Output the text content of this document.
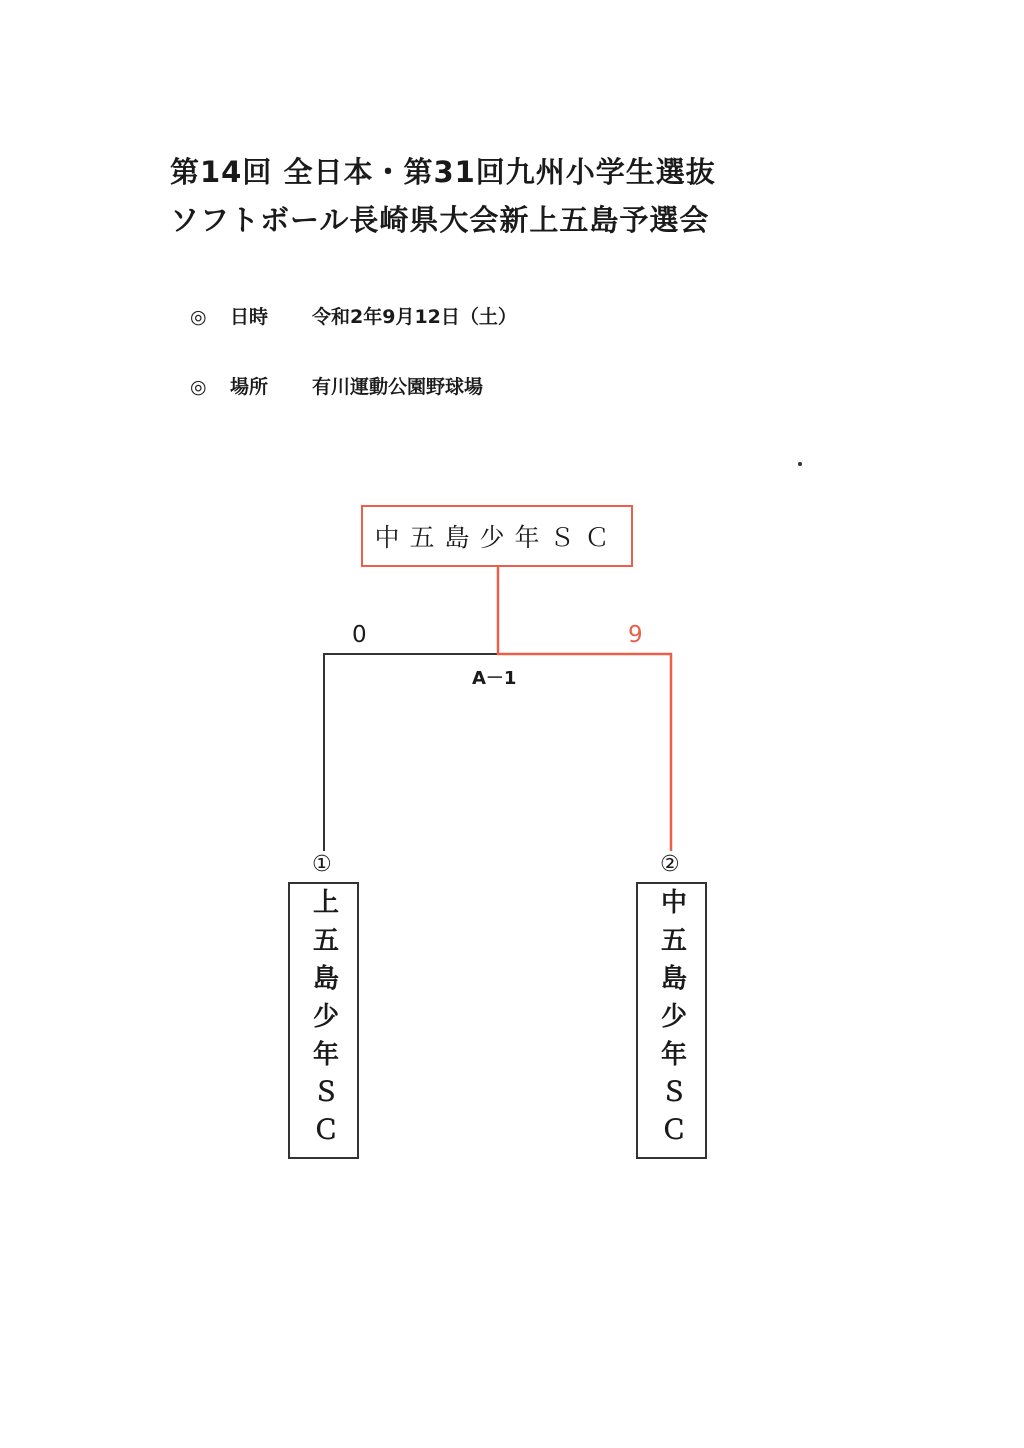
第14回 全日本・第31回九州小学生選抜
ソフトボール長崎県大会新上五島予選会
◎ 日時 令和2年9月12日（土）
◎ 場所 有川運動公園野球場
中五島少年ＳＣ
0	9
A－1
①	②
上五島少年ＳＣ	中五島少年ＳＣ
